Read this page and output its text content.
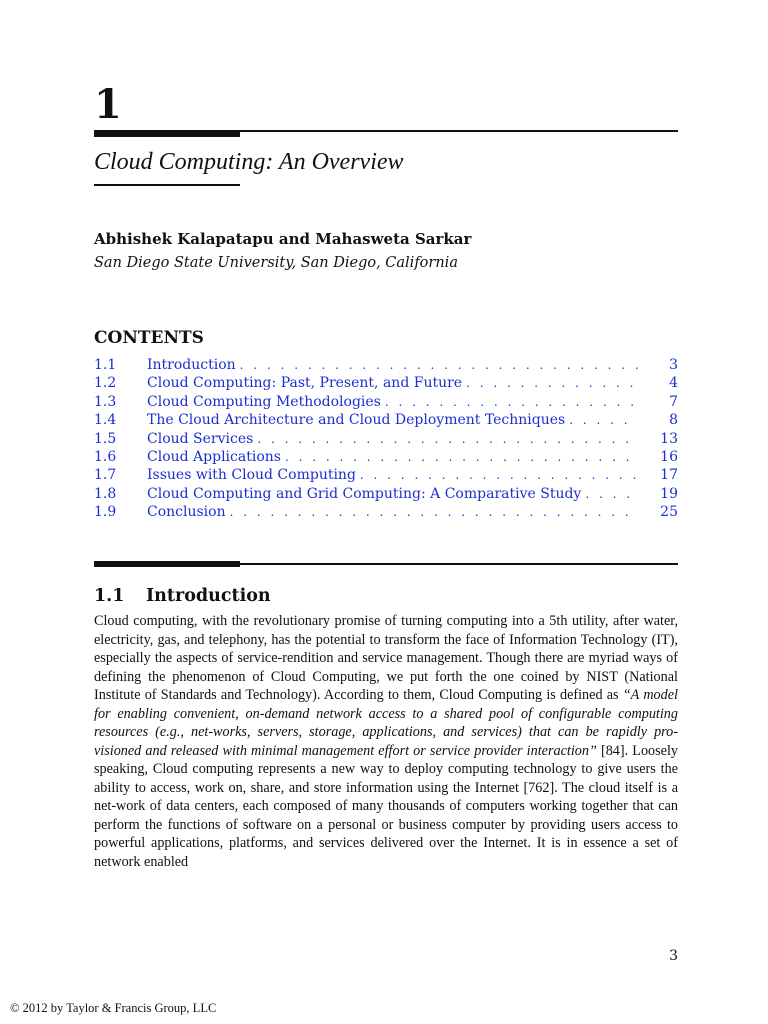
1
Cloud Computing: An Overview
Abhishek Kalapatapu and Mahasweta Sarkar
San Diego State University, San Diego, California
CONTENTS
1.1	Introduction . . .	3
1.2	Cloud Computing: Past, Present, and Future . . .	4
1.3	Cloud Computing Methodologies . . .	7
1.4	The Cloud Architecture and Cloud Deployment Techniques . . .	8
1.5	Cloud Services . . .	13
1.6	Cloud Applications . . .	16
1.7	Issues with Cloud Computing . . .	17
1.8	Cloud Computing and Grid Computing: A Comparative Study . . .	19
1.9	Conclusion . . .	25
1.1 Introduction

Cloud computing, with the revolutionary promise of turning computing into a 5th utility, after water, electricity, gas, and telephony, has the potential to transform the face of Information Technology (IT), especially the aspects of service-rendition and service management. Though there are myriad ways of defining the phenomenon of Cloud Computing, we put forth the one coined by NIST (National Institute of Standards and Technology). According to them, Cloud Computing is defined as “A model for enabling convenient, on-demand network access to a shared pool of configurable computing resources (e.g., net-works, servers, storage, applications, and services) that can be rapidly pro-visioned and released with minimal management effort or service provider interaction” [84]. Loosely speaking, Cloud computing represents a new way to deploy computing technology to give users the ability to access, work on, share, and store information using the Internet [762]. The cloud itself is a net-work of data centers, each composed of many thousands of computers working together that can perform the functions of software on a personal or business computer by providing users access to powerful applications, platforms, and services delivered over the Internet. It is in essence a set of network enabled

3
© 2012 by Taylor & Francis Group, LLC
